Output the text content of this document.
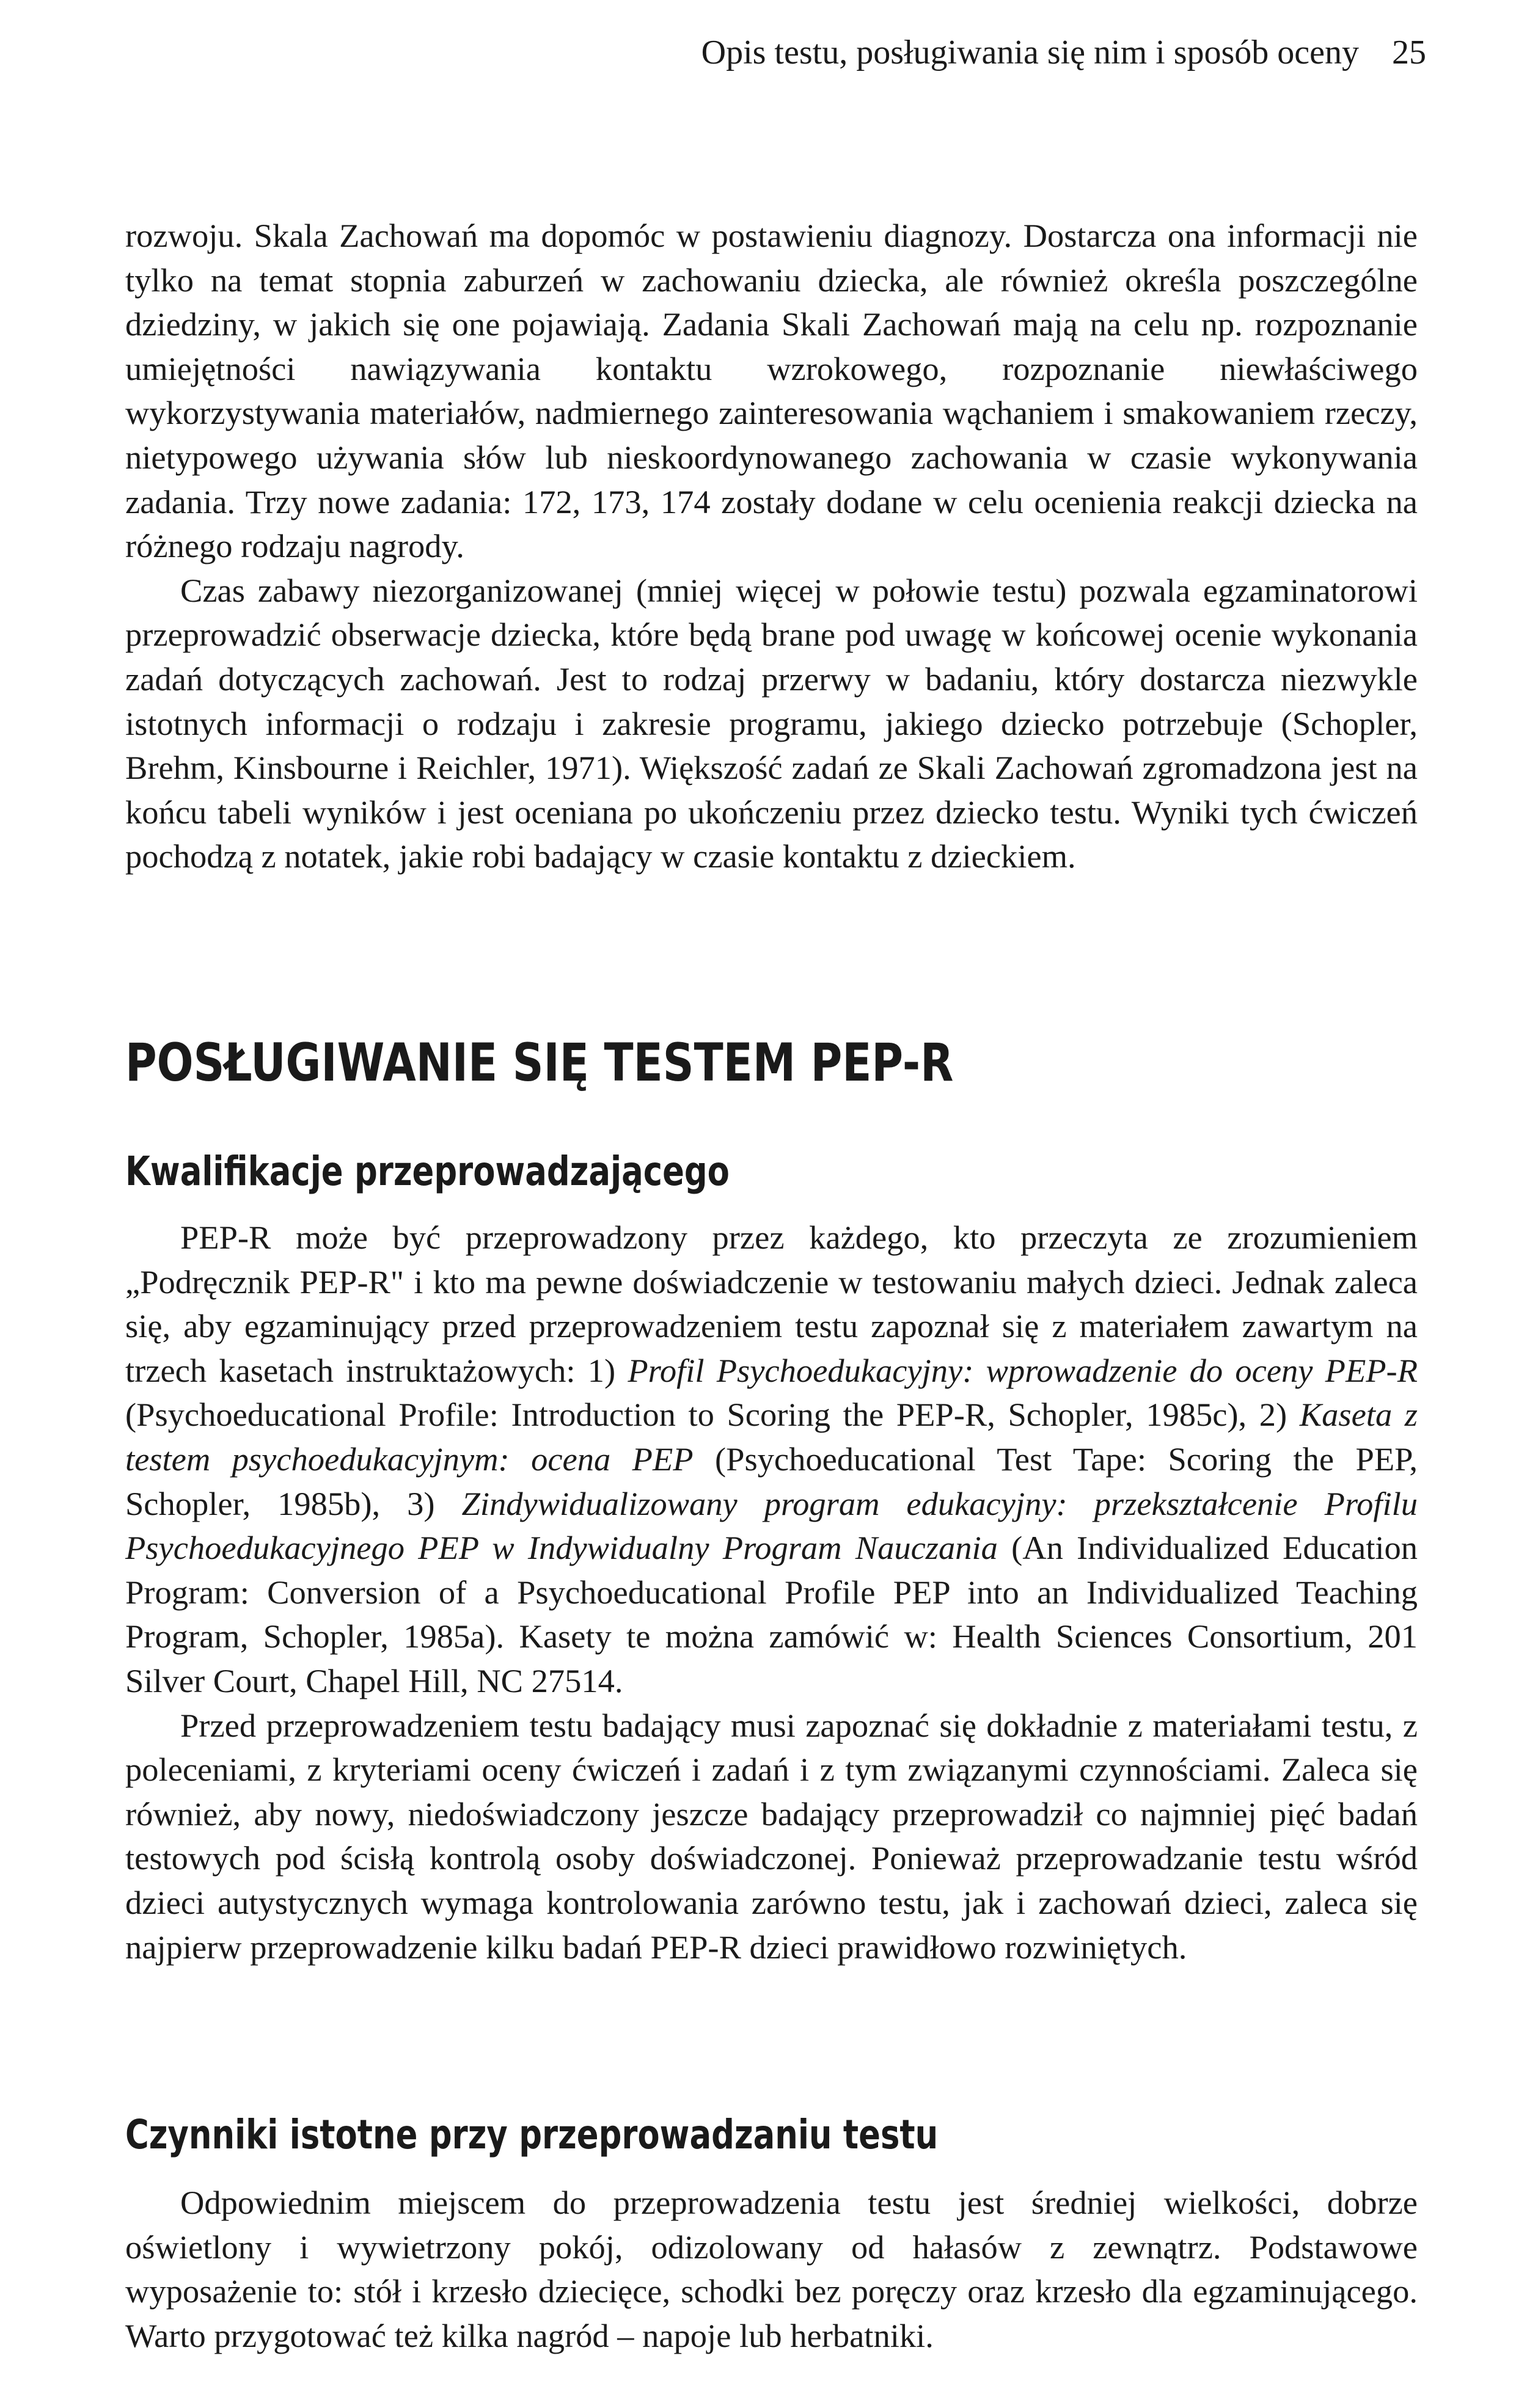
Opis testu, posługiwania się nim i sposób oceny 25

rozwoju. Skala Zachowań ma dopomóc w postawieniu diagnozy. Dostarcza ona informacji nie tylko na temat stopnia zaburzeń w zachowaniu dziecka, ale również określa poszczególne dziedziny, w jakich się one pojawiają. Zadania Skali Zachowań mają na celu np. rozpoznanie umiejętności nawiązywania kontaktu wzrokowego, rozpoznanie niewłaściwego wykorzystywania materiałów, nadmiernego zainteresowania wąchaniem i smakowaniem rzeczy, nietypowego używania słów lub nieskoordynowanego zachowania w czasie wykonywania zadania. Trzy nowe zadania: 172, 173, 174 zostały dodane w celu ocenienia reakcji dziecka na różnego rodzaju nagrody.

Czas zabawy niezorganizowanej (mniej więcej w połowie testu) pozwala egzaminatorowi przeprowadzić obserwacje dziecka, które będą brane pod uwagę w końcowej ocenie wykonania zadań dotyczących zachowań. Jest to rodzaj przerwy w badaniu, który dostarcza niezwykle istotnych informacji o rodzaju i zakresie programu, jakiego dziecko potrzebuje (Schopler, Brehm, Kinsbourne i Reichler, 1971). Większość zadań ze Skali Zachowań zgromadzona jest na końcu tabeli wyników i jest oceniana po ukończeniu przez dziecko testu. Wyniki tych ćwiczeń pochodzą z notatek, jakie robi badający w czasie kontaktu z dzieckiem.

POSŁUGIWANIE SIĘ TESTEM PEP-R
Kwalifikacje przeprowadzającego

PEP-R może być przeprowadzony przez każdego, kto przeczyta ze zrozumieniem „Podręcznik PEP-R" i kto ma pewne doświadczenie w testowaniu małych dzieci. Jednak zaleca się, aby egzaminujący przed przeprowadzeniem testu zapoznał się z materiałem zawartym na trzech kasetach instruktażowych: 1) Profil Psychoedukacyjny: wprowadzenie do oceny PEP-R (Psychoeducational Profile: Introduction to Scoring the PEP-R, Schopler, 1985c), 2) Kaseta z testem psychoedukacyjnym: ocena PEP (Psychoeducational Test Tape: Scoring the PEP, Schopler, 1985b), 3) Zindywidualizowany program edukacyjny: przekształcenie Profilu Psychoedukacyjnego PEP w Indywidualny Program Nauczania (An Individualized Education Program: Conversion of a Psychoeducational Profile PEP into an Individualized Teaching Program, Schopler, 1985a). Kasety te można zamówić w: Health Sciences Consortium, 201 Silver Court, Chapel Hill, NC 27514.

Przed przeprowadzeniem testu badający musi zapoznać się dokładnie z materiałami testu, z poleceniami, z kryteriami oceny ćwiczeń i zadań i z tym związanymi czynnościami. Zaleca się również, aby nowy, niedoświadczony jeszcze badający przeprowadził co najmniej pięć badań testowych pod ścisłą kontrolą osoby doświadczonej. Ponieważ przeprowadzanie testu wśród dzieci autystycznych wymaga kontrolowania zarówno testu, jak i zachowań dzieci, zaleca się najpierw przeprowadzenie kilku badań PEP-R dzieci prawidłowo rozwiniętych.

Czynniki istotne przy przeprowadzaniu testu

Odpowiednim miejscem do przeprowadzenia testu jest średniej wielkości, dobrze oświetlony i wywietrzony pokój, odizolowany od hałasów z zewnątrz. Podstawowe wyposażenie to: stół i krzesło dziecięce, schodki bez poręczy oraz krzesło dla egzaminującego. Warto przygotować też kilka nagród – napoje lub herbatniki.
